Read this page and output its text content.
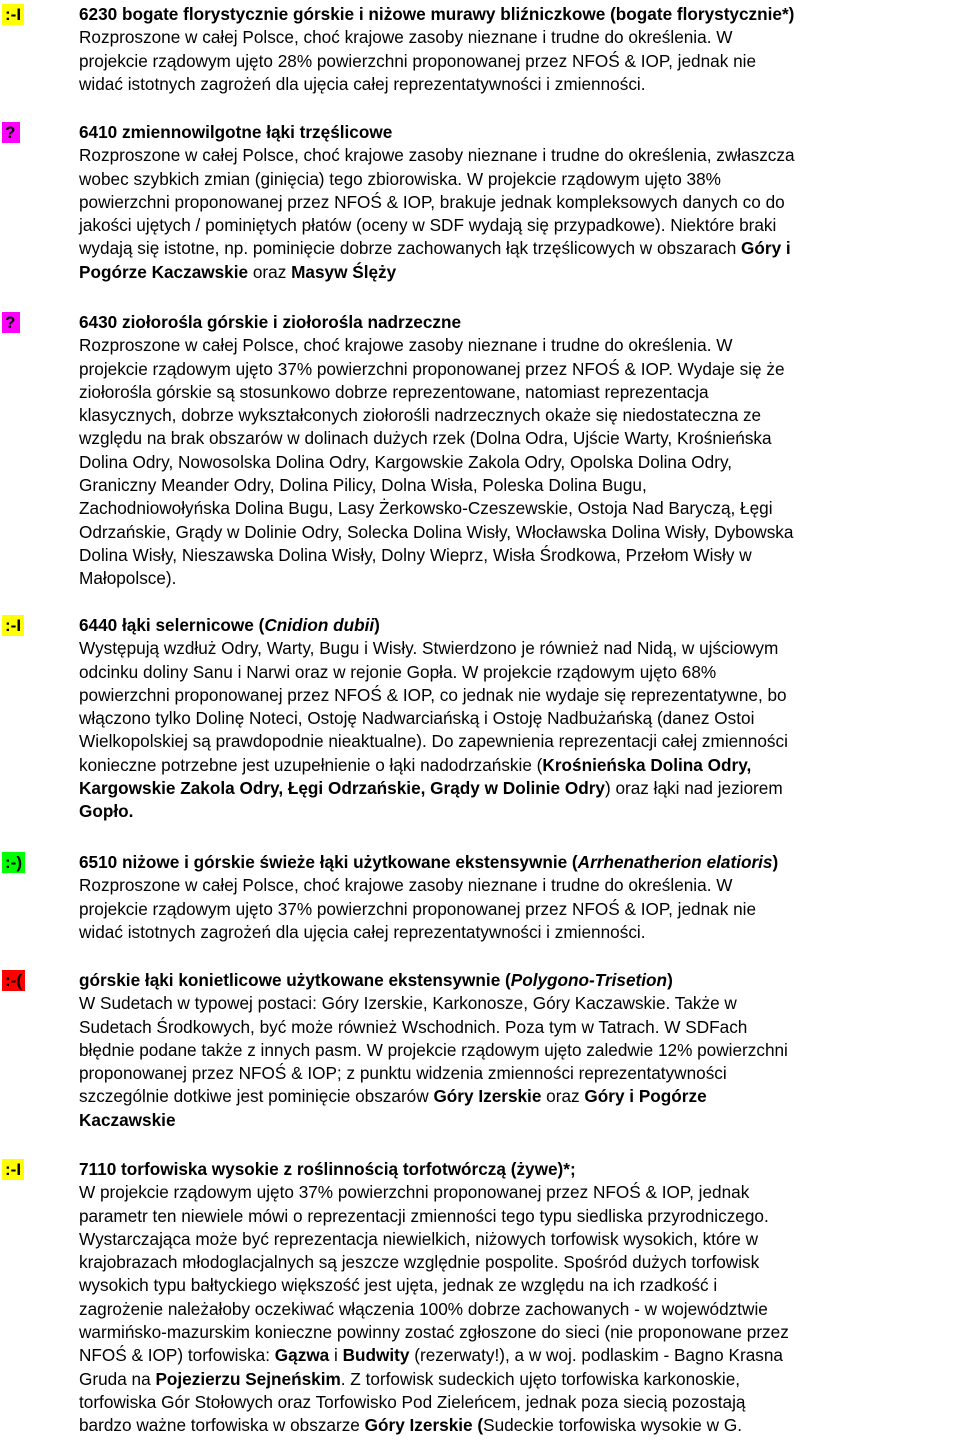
:-I	6230 bogate florystycznie górskie i niżowe murawy bliźniczkowe (bogate florystycznie*)
Rozproszone w całej Polsce, choć krajowe zasoby nieznane i trudne do określenia. W
projekcie rządowym ujęto 28% powierzchni proponowanej przez NFOŚ & IOP, jednak nie
widać istotnych zagrożeń dla ujęcia całej reprezentatywności i zmienności.
?	6410 zmiennowilgotne łąki trzęślicowe
Rozproszone w całej Polsce, choć krajowe zasoby nieznane i trudne do określenia, zwłaszcza
wobec szybkich zmian (ginięcia) tego zbiorowiska. W projekcie rządowym ujęto 38%
powierzchni proponowanej przez NFOŚ & IOP, brakuje jednak kompleksowych danych co do
jakości ujętych / pominiętych płatów (oceny w SDF wydają się przypadkowe). Niektóre braki
wydają się istotne, np. pominięcie dobrze zachowanych łąk trzęślicowych w obszarach Góry i
Pogórze Kaczawskie oraz Masyw Ślęży
?	6430 ziołorośla górskie i ziołorośla nadrzeczne
Rozproszone w całej Polsce, choć krajowe zasoby nieznane i trudne do określenia. W
projekcie rządowym ujęto 37% powierzchni proponowanej przez NFOŚ & IOP. Wydaje się że
ziołorośla górskie są stosunkowo dobrze reprezentowane, natomiast reprezentacja
klasycznych, dobrze wykształconych ziołorośli nadrzecznych okaże się niedostateczna ze
względu na brak obszarów w dolinach dużych rzek (Dolna Odra, Ujście Warty, Krośnieńska
Dolina Odry, Nowosolska Dolina Odry, Kargowskie Zakola Odry, Opolska Dolina Odry,
Graniczny Meander Odry, Dolina Pilicy, Dolna Wisła, Poleska Dolina Bugu,
Zachodniowołyńska Dolina Bugu, Lasy Żerkowsko-Czeszewskie, Ostoja Nad Baryczą, Łęgi
Odrzańskie, Grądy w Dolinie Odry, Solecka Dolina Wisły, Włocławska Dolina Wisły, Dybowska
Dolina Wisły, Nieszawska Dolina Wisły, Dolny Wieprz, Wisła Środkowa, Przełom Wisły w
Małopolsce).
:-I	6440 łąki selernicowe (Cnidion dubii)
Występują wzdłuż Odry, Warty, Bugu i Wisły. Stwierdzono je również nad Nidą, w ujściowym
odcinku doliny Sanu i Narwi oraz w rejonie Gopła. W projekcie rządowym ujęto 68%
powierzchni proponowanej przez NFOŚ & IOP, co jednak nie wydaje się reprezentatywne, bo
włączono tylko Dolinę Noteci, Ostoję Nadwarciańską i Ostoję Nadbużańską (danez Ostoi
Wielkopolskiej są prawdopodnie nieaktualne). Do zapewnienia reprezentacji całej zmienności
konieczne potrzebne jest uzupełnienie o łąki nadodrzańskie (Krośnieńska Dolina Odry,
Kargowskie Zakola Odry, Łęgi Odrzańskie, Grądy w Dolinie Odry) oraz łąki nad jeziorem
Gopło.
:-)	6510 niżowe i górskie świeże łąki użytkowane ekstensywnie (Arrhenatherion elatioris)
Rozproszone w całej Polsce, choć krajowe zasoby nieznane i trudne do określenia. W
projekcie rządowym ujęto 37% powierzchni proponowanej przez NFOŚ & IOP, jednak nie
widać istotnych zagrożeń dla ujęcia całej reprezentatywności i zmienności.
:-(	górskie łąki konietlicowe użytkowane ekstensywnie (Polygono-Trisetion)
W Sudetach w typowej postaci: Góry Izerskie, Karkonosze, Góry Kaczawskie. Także w
Sudetach Środkowych, być może również Wschodnich. Poza tym w Tatrach. W SDFach
błędnie podane także z innych pasm. W projekcie rządowym ujęto zaledwie 12% powierzchni
proponowanej przez NFOŚ & IOP; z punktu widzenia zmienności reprezentatywności
szczególnie dotkiwe jest pominięcie obszarów Góry Izerskie oraz Góry i Pogórze
Kaczawskie
:-I	7110 torfowiska wysokie z roślinnością torfotwórczą (żywe)*;
W projekcie rządowym ujęto 37% powierzchni proponowanej przez NFOŚ & IOP, jednak
parametr ten niewiele mówi o reprezentacji zmienności tego typu siedliska przyrodniczego.
Wystarczająca może być reprezentacja niewielkich, niżowych torfowisk wysokich, które w
krajobrazach młodoglacjalnych są jeszcze względnie pospolite. Spośród dużych torfowisk
wysokich typu bałtyckiego większość jest ujęta, jednak ze względu na ich rzadkość i
zagrożenie należałoby oczekiwać włączenia 100% dobrze zachowanych - w województwie
warmińsko-mazurskim konieczne powinny zostać zgłoszone do sieci (nie proponowane przez
NFOŚ & IOP) torfowiska: Gązwa i Budwity (rezerwaty!), a w woj. podlaskim - Bagno Krasna
Gruda na Pojezierzu Sejneńskim. Z torfowisk sudeckich ujęto torfowiska karkonoskie,
torfowiska Gór Stołowych oraz Torfowisko Pod Zieleńcem, jednak poza siecią pozostają
bardzo ważne torfowiska w obszarze Góry Izerskie (Sudeckie torfowiska wysokie w G.
